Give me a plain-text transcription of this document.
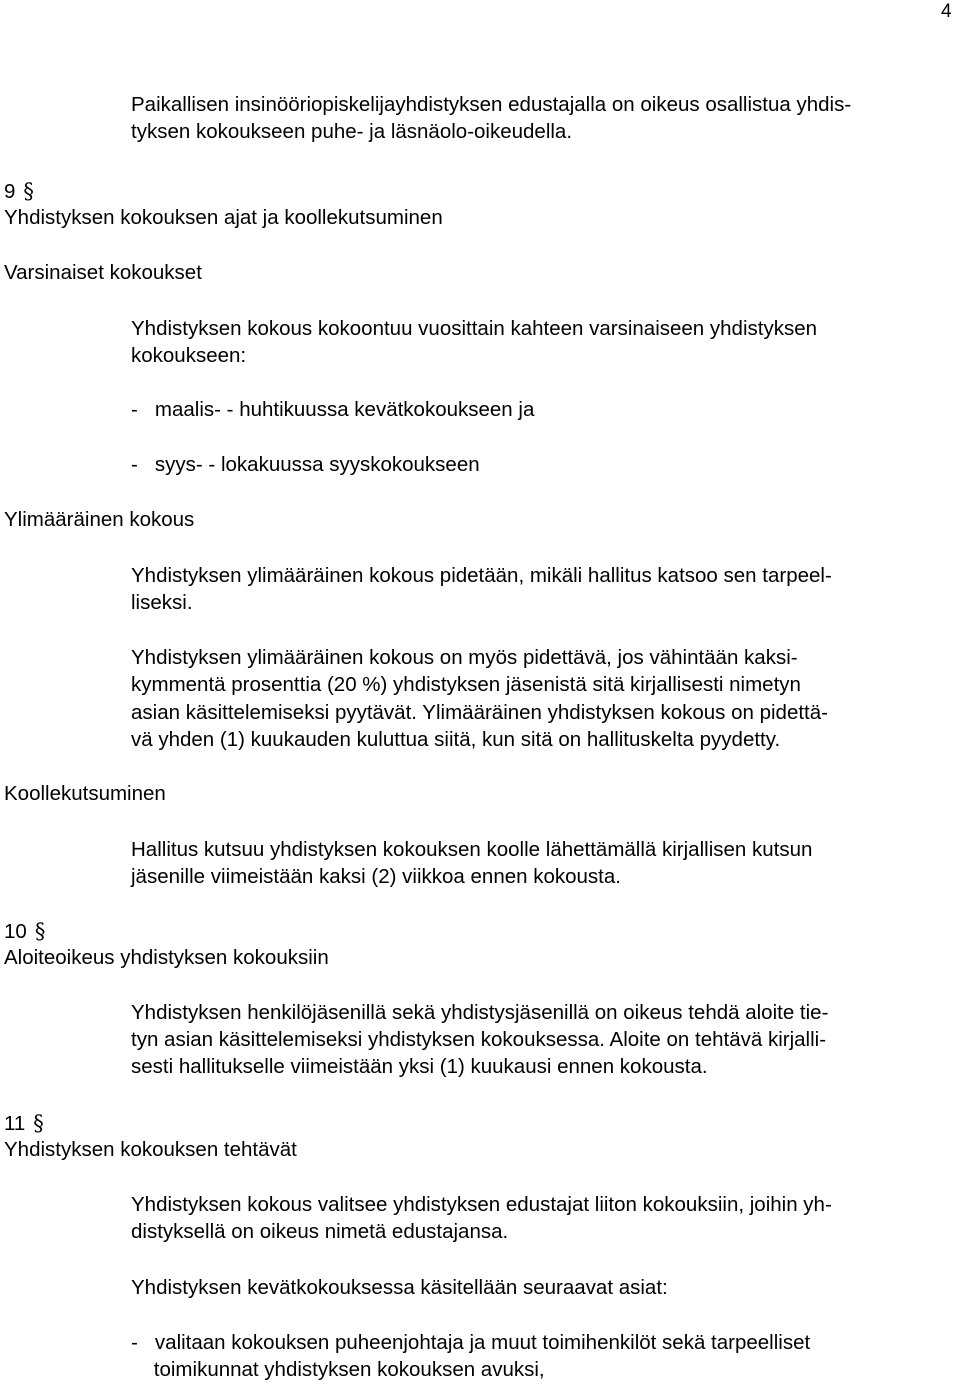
4

Paikallisen insinööriopiskelijayhdistyksen edustajalla on oikeus osallistua yhdis-

tyksen kokoukseen puhe- ja läsnäolo-oikeudella.

9 §

Yhdistyksen kokouksen ajat ja koollekutsuminen

Varsinaiset kokoukset

Yhdistyksen kokous kokoontuu vuosittain kahteen varsinaiseen yhdistyksen

kokoukseen:

-   maalis- - huhtikuussa kevätkokoukseen ja

-   syys- - lokakuussa syyskokoukseen

Ylimääräinen kokous

Yhdistyksen ylimääräinen kokous pidetään, mikäli hallitus katsoo sen tarpeel-

liseksi.

Yhdistyksen ylimääräinen kokous on myös pidettävä, jos vähintään kaksi-

kymmentä prosenttia (20 %) yhdistyksen jäsenistä sitä kirjallisesti nimetyn

asian käsittelemiseksi pyytävät. Ylimääräinen yhdistyksen kokous on pidettä-

vä yhden (1) kuukauden kuluttua siitä, kun sitä on hallituskelta pyydetty.

Koollekutsuminen

Hallitus kutsuu yhdistyksen kokouksen koolle lähettämällä kirjallisen kutsun

jäsenille viimeistään kaksi (2) viikkoa ennen kokousta.

10 §

Aloiteoikeus yhdistyksen kokouksiin

Yhdistyksen henkilöjäsenillä sekä yhdistysjäsenillä on oikeus tehdä aloite tie-

tyn asian käsittelemiseksi yhdistyksen kokouksessa. Aloite on tehtävä kirjalli-

sesti hallitukselle viimeistään yksi (1) kuukausi ennen kokousta.

11 §

Yhdistyksen kokouksen tehtävät

Yhdistyksen kokous valitsee yhdistyksen edustajat liiton kokouksiin, joihin yh-

distyksellä on oikeus nimetä edustajansa.

Yhdistyksen kevätkokouksessa käsitellään seuraavat asiat:

-   valitaan kokouksen puheenjohtaja ja muut toimihenkilöt sekä tarpeelliset

toimikunnat yhdistyksen kokouksen avuksi,
